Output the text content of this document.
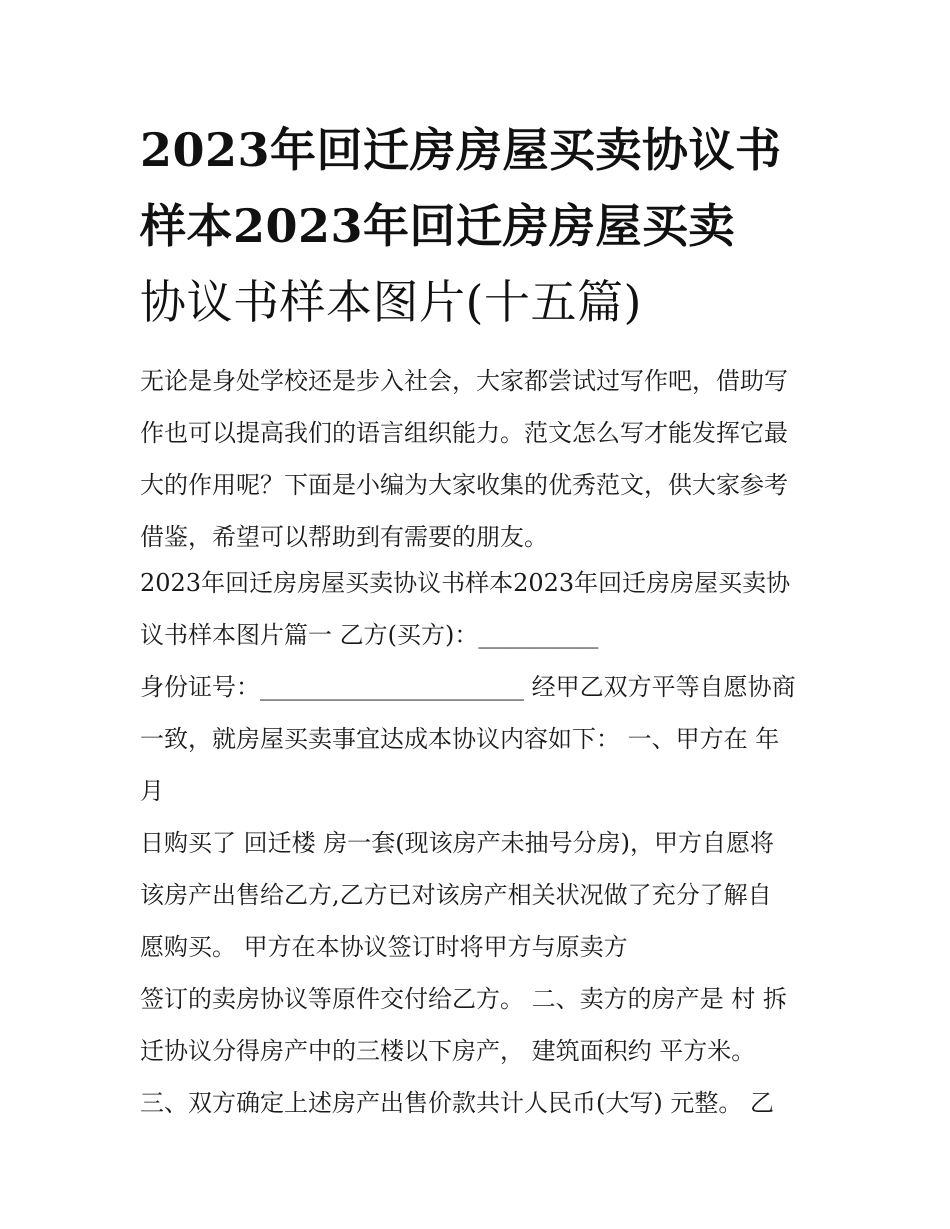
2023年回迁房房屋买卖协议书
样本2023年回迁房房屋买卖
协议书样本图片(十五篇)
无论是身处学校还是步入社会，大家都尝试过写作吧，借助写
作也可以提高我们的语言组织能力。范文怎么写才能发挥它最
大的作用呢？下面是小编为大家收集的优秀范文，供大家参考
借鉴，希望可以帮助到有需要的朋友。
2023年回迁房房屋买卖协议书样本2023年回迁房房屋买卖协
议书样本图片篇一 乙方(买方)：__________
身份证号：______________________ 经甲乙双方平等自愿协商
一致，就房屋买卖事宜达成本协议内容如下： 一、甲方在 年
月
日购买了 回迁楼 房一套(现该房产未抽号分房)，甲方自愿将
该房产出售给乙方,乙方已对该房产相关状况做了充分了解自
愿购买。 甲方在本协议签订时将甲方与原卖方
签订的卖房协议等原件交付给乙方。 二、卖方的房产是 村 拆
迁协议分得房产中的三楼以下房产， 建筑面积约 平方米。
三、双方确定上述房产出售价款共计人民币(大写) 元整。 乙
